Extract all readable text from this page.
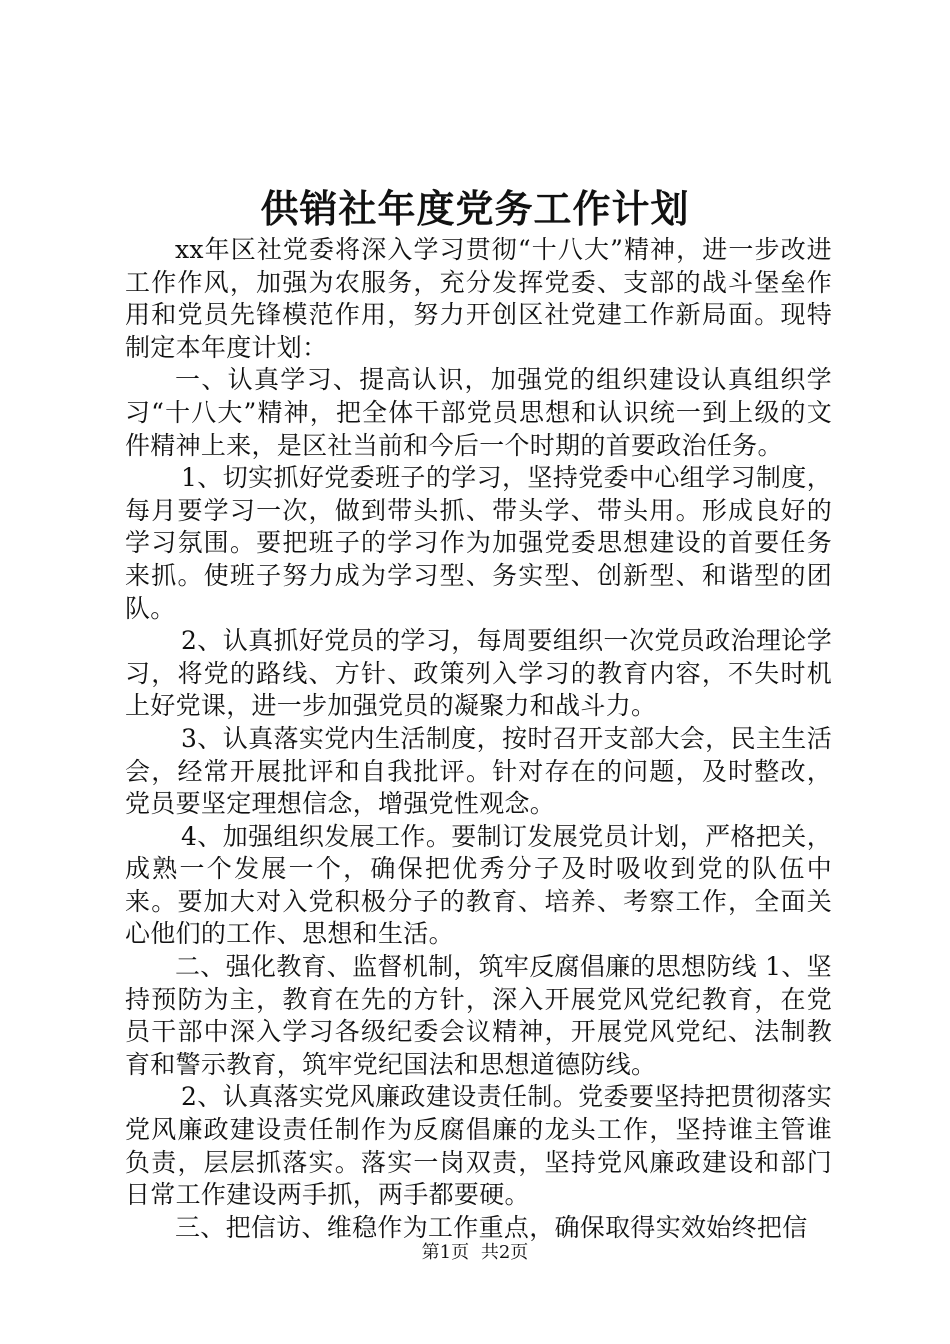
供销社年度党务工作计划

xx年区社党委将深入学习贯彻“十八大”精神，进一步改进工作作风，加强为农服务，充分发挥党委、支部的战斗堡垒作用和党员先锋模范作用，努力开创区社党建工作新局面。现特制定本年度计划：

一、认真学习、提高认识，加强党的组织建设认真组织学习“十八大”精神，把全体干部党员思想和认识统一到上级的文件精神上来，是区社当前和今后一个时期的首要政治任务。

1、切实抓好党委班子的学习，坚持党委中心组学习制度，每月要学习一次，做到带头抓、带头学、带头用。形成良好的学习氛围。要把班子的学习作为加强党委思想建设的首要任务来抓。使班子努力成为学习型、务实型、创新型、和谐型的团队。

2、认真抓好党员的学习，每周要组织一次党员政治理论学习，将党的路线、方针、政策列入学习的教育内容，不失时机上好党课，进一步加强党员的凝聚力和战斗力。

3、认真落实党内生活制度，按时召开支部大会，民主生活会，经常开展批评和自我批评。针对存在的问题，及时整改，党员要坚定理想信念，增强党性观念。

4、加强组织发展工作。要制订发展党员计划，严格把关，成熟一个发展一个，确保把优秀分子及时吸收到党的队伍中来。要加大对入党积极分子的教育、培养、考察工作，全面关心他们的工作、思想和生活。

二、强化教育、监督机制，筑牢反腐倡廉的思想防线 1、坚持预防为主，教育在先的方针，深入开展党风党纪教育，在党员干部中深入学习各级纪委会议精神，开展党风党纪、法制教育和警示教育，筑牢党纪国法和思想道德防线。

2、认真落实党风廉政建设责任制。党委要坚持把贯彻落实党风廉政建设责任制作为反腐倡廉的龙头工作，坚持谁主管谁负责，层层抓落实。落实一岗双责，坚持党风廉政建设和部门日常工作建设两手抓，两手都要硬。

三、把信访、维稳作为工作重点，确保取得实效始终把信

第1页 共2页
